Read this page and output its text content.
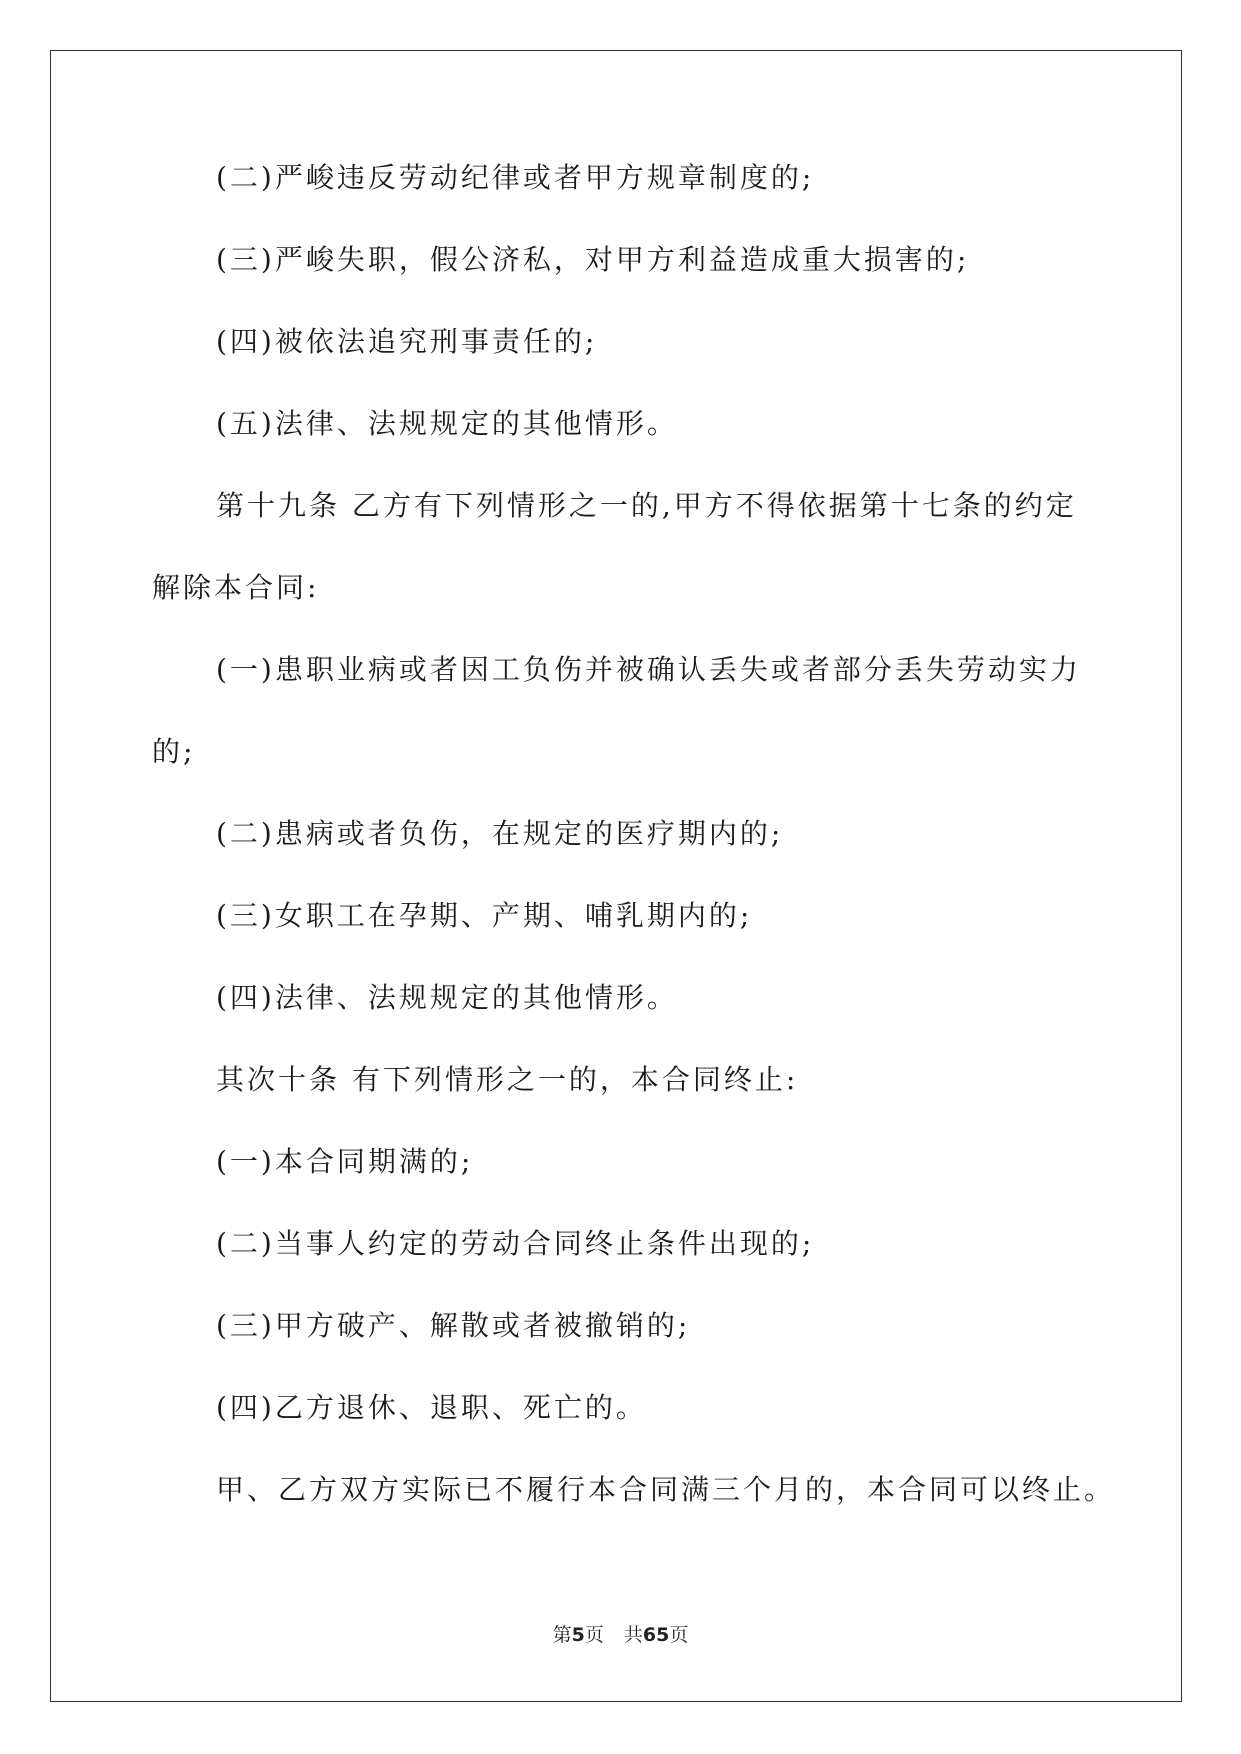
(二)严峻违反劳动纪律或者甲方规章制度的;

(三)严峻失职，假公济私，对甲方利益造成重大损害的;

(四)被依法追究刑事责任的;

(五)法律、法规规定的其他情形。

第十九条 乙方有下列情形之一的,甲方不得依据第十七条的约定

解除本合同:

(一)患职业病或者因工负伤并被确认丢失或者部分丢失劳动实力

的;

(二)患病或者负伤，在规定的医疗期内的;

(三)女职工在孕期、产期、哺乳期内的;

(四)法律、法规规定的其他情形。

其次十条 有下列情形之一的，本合同终止:

(一)本合同期满的;

(二)当事人约定的劳动合同终止条件出现的;

(三)甲方破产、解散或者被撤销的;

(四)乙方退休、退职、死亡的。

甲、乙方双方实际已不履行本合同满三个月的，本合同可以终止。

第5页 共65页
